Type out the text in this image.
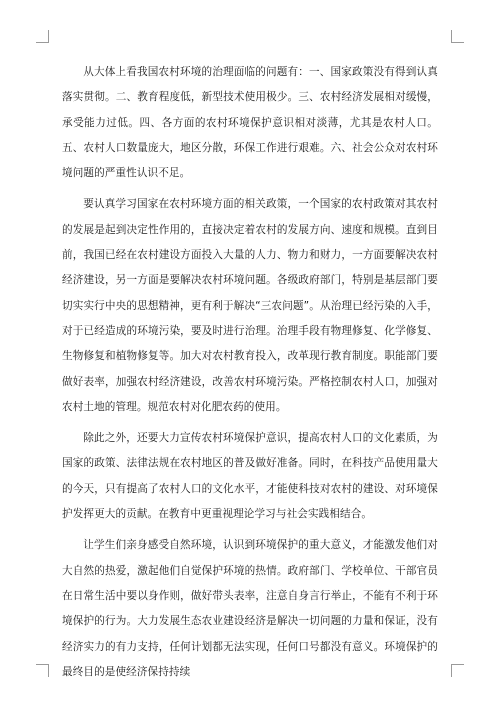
从大体上看我国农村环境的治理面临的问题有：一、国家政策没有得到认真落实贯彻。二、教育程度低，新型技术使用极少。三、农村经济发展相对缓慢，承受能力过低。四、各方面的农村环境保护意识相对淡薄，尤其是农村人口。五、农村人口数量庞大，地区分散，环保工作进行艰难。六、社会公众对农村环境问题的严重性认识不足。

要认真学习国家在农村环境方面的相关政策，一个国家的农村政策对其农村的发展是起到决定性作用的，直接决定着农村的发展方向、速度和规模。直到目前，我国已经在农村建设方面投入大量的人力、物力和财力，一方面要解决农村经济建设，另一方面是要解决农村环境问题。各级政府部门，特别是基层部门要切实实行中央的思想精神，更有利于解决“三农问题”。从治理已经污染的入手，对于已经造成的环境污染，要及时进行治理。治理手段有物理修复、化学修复、生物修复和植物修复等。加大对农村教育投入，改革现行教育制度。职能部门要做好表率，加强农村经济建设，改善农村环境污染。严格控制农村人口，加强对农村土地的管理。规范农村对化肥农药的使用。

除此之外，还要大力宣传农村环境保护意识，提高农村人口的文化素质，为国家的政策、法律法规在农村地区的普及做好准备。同时，在科技产品使用量大的今天，只有提高了农村人口的文化水平，才能使科技对农村的建设、对环境保护发挥更大的贡献。在教育中更重视理论学习与社会实践相结合。

让学生们亲身感受自然环境，认识到环境保护的重大意义，才能激发他们对大自然的热爱，激起他们自觉保护环境的热情。政府部门、学校单位、干部官员在日常生活中要以身作则，做好带头表率，注意自身言行举止，不能有不利于环境保护的行为。大力发展生态农业建设经济是解决一切问题的力量和保证，没有经济实力的有力支持，任何计划都无法实现，任何口号都没有意义。环境保护的最终目的是使经济保持持续
